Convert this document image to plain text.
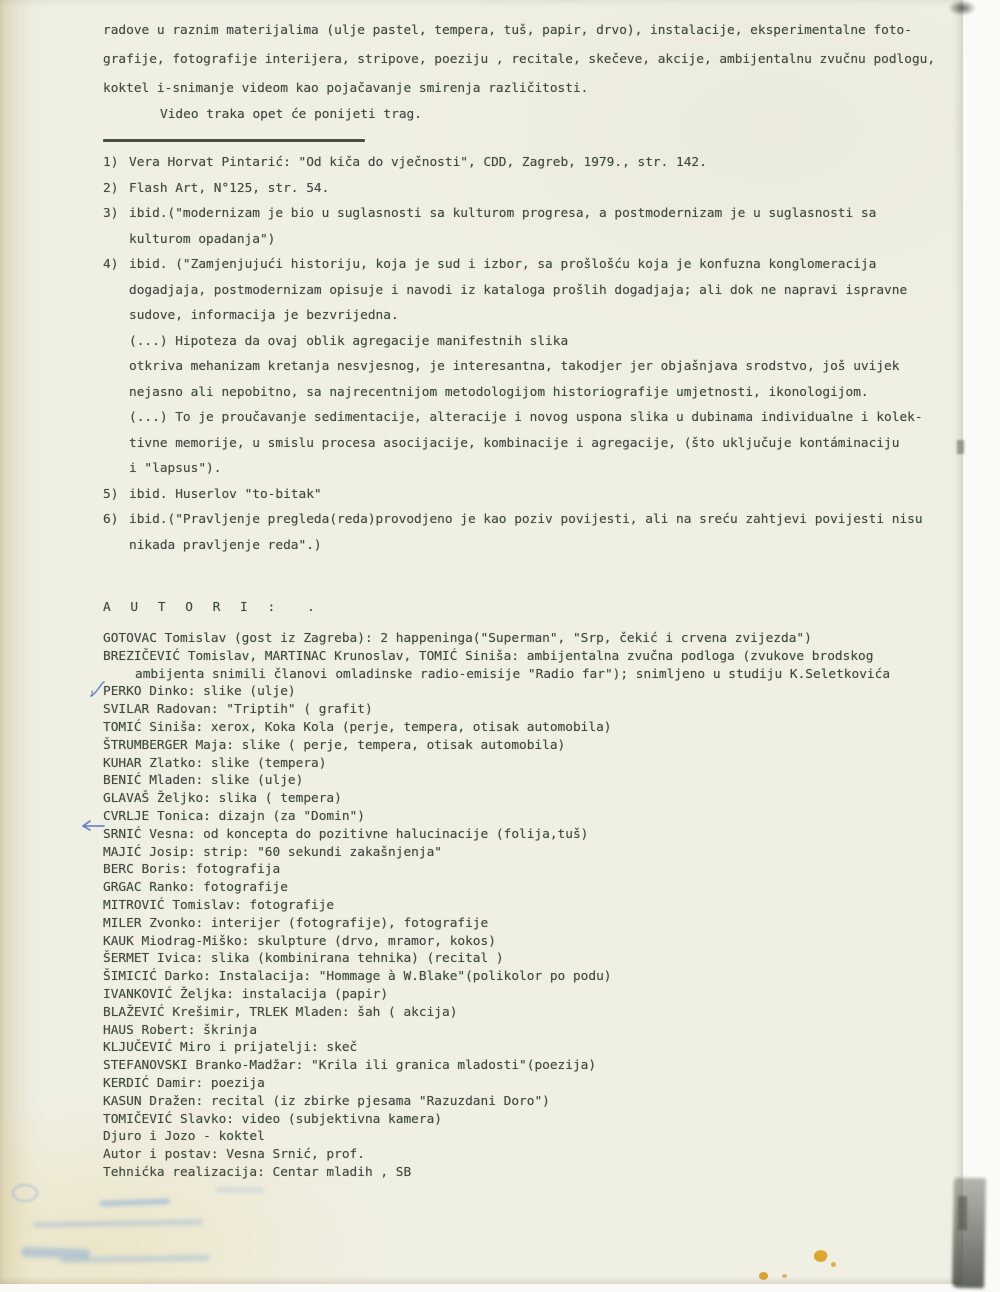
radove u raznim materijalima (ulje pastel, tempera, tuš, papir, drvo), instalacije, eksperimentalne foto-
grafije, fotografije interijera, stripove, poeziju , recitale, skečeve, akcije, ambijentalnu zvučnu podlogu,
koktel i-snimanje videom kao pojačavanje smirenja različitosti.
Video traka opet će ponijeti trag.
1) Vera Horvat Pintarić: "Od kiča do vječnosti", CDD, Zagreb, 1979., str. 142.
2) Flash Art, N°125, str. 54.
3) ibid.("modernizam je bio u suglasnosti sa kulturom progresa, a postmodernizam je u suglasnosti sa
kulturom opadanja")
4) ibid. ("Zamjenjujući historiju, koja je sud i izbor, sa prošlošću koja je konfuzna konglomeracija
dogadjaja, postmodernizam opisuje i navodi iz kataloga prošlih dogadjaja; ali dok ne napravi ispravne
sudove, informacija je bezvrijedna.
(...) Hipoteza da ovaj oblik agregacije manifestnih slika
otkriva mehanizam kretanja nesvjesnog, je interesantna, takodjer jer objašnjava srodstvo, još uvijek
nejasno ali nepobitno, sa najrecentnijom metodologijom historiografije umjetnosti, ikonologijom.
(...) To je proučavanje sedimentacije, alteracije i novog uspona slika u dubinama individualne i kolek-
tivne memorije, u smislu procesa asocijacije, kombinacije i agregacije, (što uključuje kontáminaciju
i "lapsus").
5) ibid. Huserlov "to-bitak"
6) ibid.("Pravljenje pregleda(reda)provodjeno je kao poziv povijesti, ali na sreću zahtjevi povijesti nisu
nikada pravljenje reda".)
A U T O R I : .
GOTOVAC Tomislav (gost iz Zagreba): 2 happeninga("Superman", "Srp, čekić i crvena zvijezda")
BREZIČEVIĆ Tomislav, MARTINAC Krunoslav, TOMIĆ Siniša: ambijentalna zvučna podloga (zvukove brodskog
ambijenta snimili članovi omladinske radio-emisije "Radio far"); snimljeno u studiju K.Seletkovića
PERKO Dinko: slike (ulje)
SVILAR Radovan: "Triptih" ( grafit)
TOMIĆ Siniša: xerox, Koka Kola (perje, tempera, otisak automobila)
ŠTRUMBERGER Maja: slike ( perje, tempera, otisak automobila)
KUHAR Zlatko: slike (tempera)
BENIĆ Mladen: slike (ulje)
GLAVAŠ Željko: slika ( tempera)
CVRLJE Tonica: dizajn (za "Domin")
SRNIĆ Vesna: od koncepta do pozitivne halucinacije (folija,tuš)
MAJIĆ Josip: strip: "60 sekundi zakašnjenja"
BERC Boris: fotografija
GRGAC Ranko: fotografije
MITROVIĆ Tomislav: fotografije
MILER Zvonko: interijer (fotografije), fotografije
KAUK Miodrag-Miško: skulpture (drvo, mramor, kokos)
ŠERMET Ivica: slika (kombinirana tehnika) (recital )
ŠIMICIĆ Darko: Instalacija: "Hommage à W.Blake"(polikolor po podu)
IVANKOVIĆ Željka: instalacija (papir)
BLAŽEVIĆ Krešimir, TRLEK Mladen: šah ( akcija)
HAUS Robert: škrinja
KLJUČEVIĆ Miro i prijatelji: skeč
STEFANOVSKI Branko-Madžar: "Krila ili granica mladosti"(poezija)
KERDIĆ Damir: poezija
KASUN Dražen: recital (iz zbirke pjesama "Razuzdani Doro")
TOMIČEVIĆ Slavko: video (subjektivna kamera)
Djuro i Jozo - koktel
Autor i postav: Vesna Srnić, prof.
Tehnićka realizacija: Centar mladih , SB
